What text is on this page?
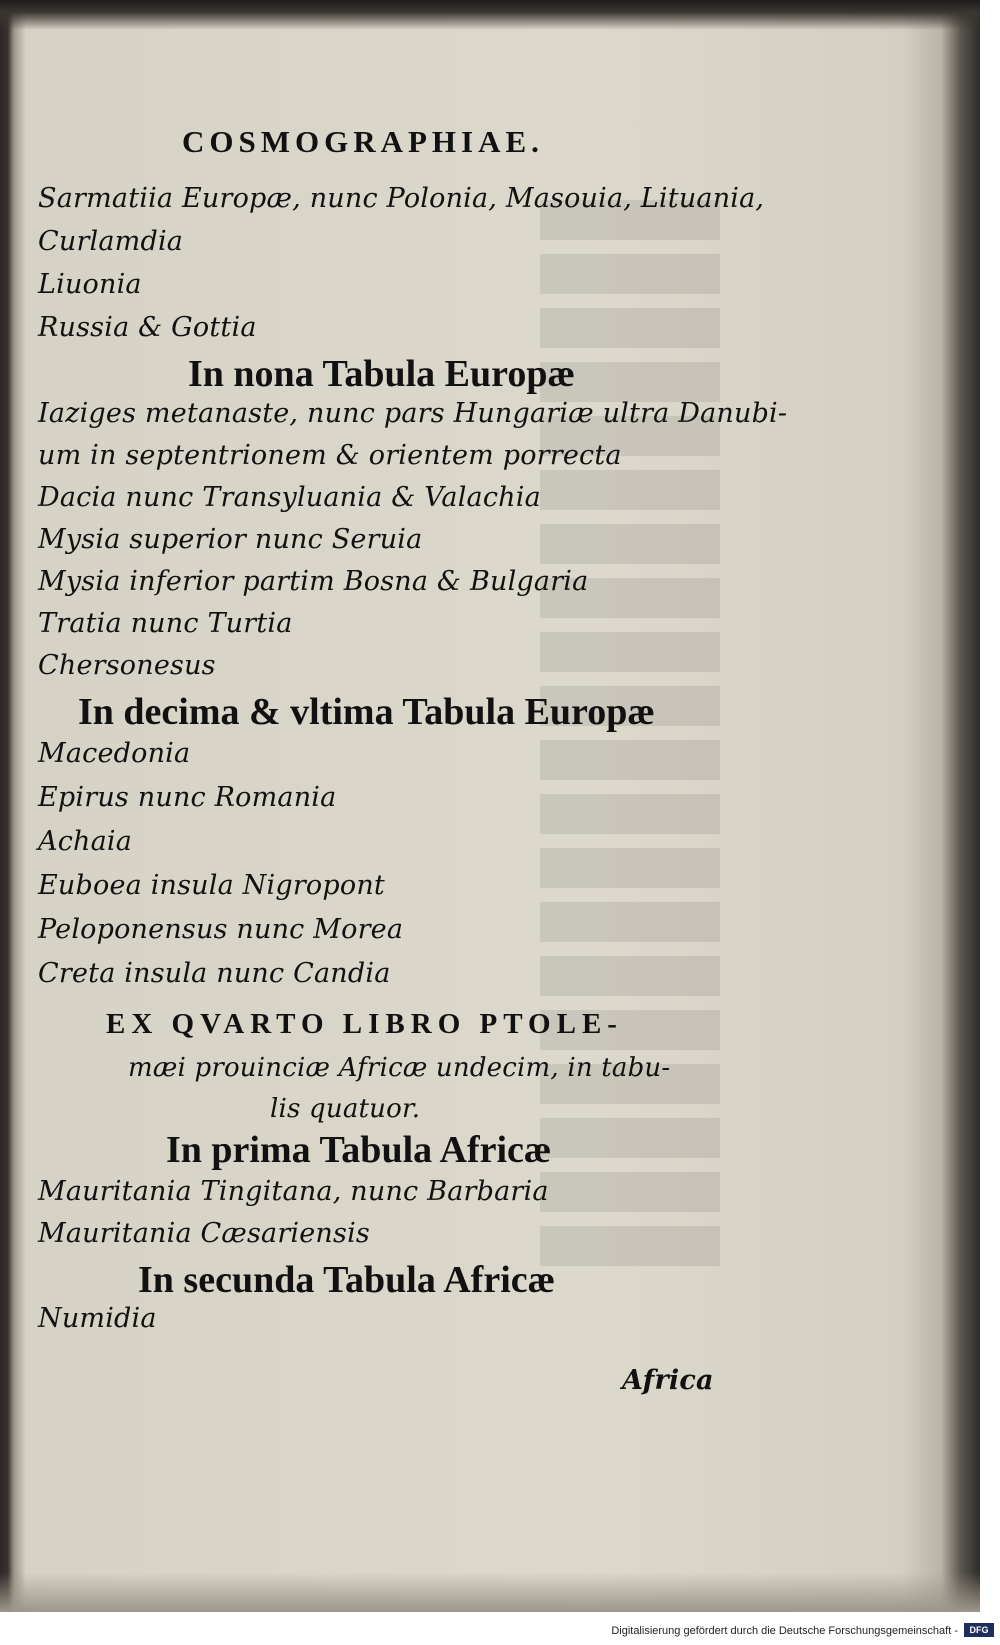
COSMOGRAPHIAE.
Sarmatiia Europæ, nunc Polonia, Masouia, Lituania,
Curlamdia
Liuonia
Russia & Gottia
In nona Tabula Europæ
Iaziges metanaste, nunc pars Hungariæ ultra Danubi-
um in septentrionem & orientem porrecta
Dacia nunc Transyluania & Valachia
Mysia superior nunc Seruia
Mysia inferior partim Bosna & Bulgaria
Tratia nunc Turtia
Chersonesus
In decima & vltima Tabula Europæ
Macedonia
Epirus nunc Romania
Achaia
Euboea insula Nigropont
Peloponensus nunc Morea
Creta insula nunc Candia
EX QVARTO LIBRO PTOLE-
mæi prouinciæ Africæ undecim, in tabu-
lis quatuor.
In prima Tabula Africæ
Mauritania Tingitana, nunc Barbaria
Mauritania Cæsariensis
In secunda Tabula Africæ
Numidia
Africa
Digitalisierung gefördert durch die Deutsche Forschungsgemeinschaft -	DFG
